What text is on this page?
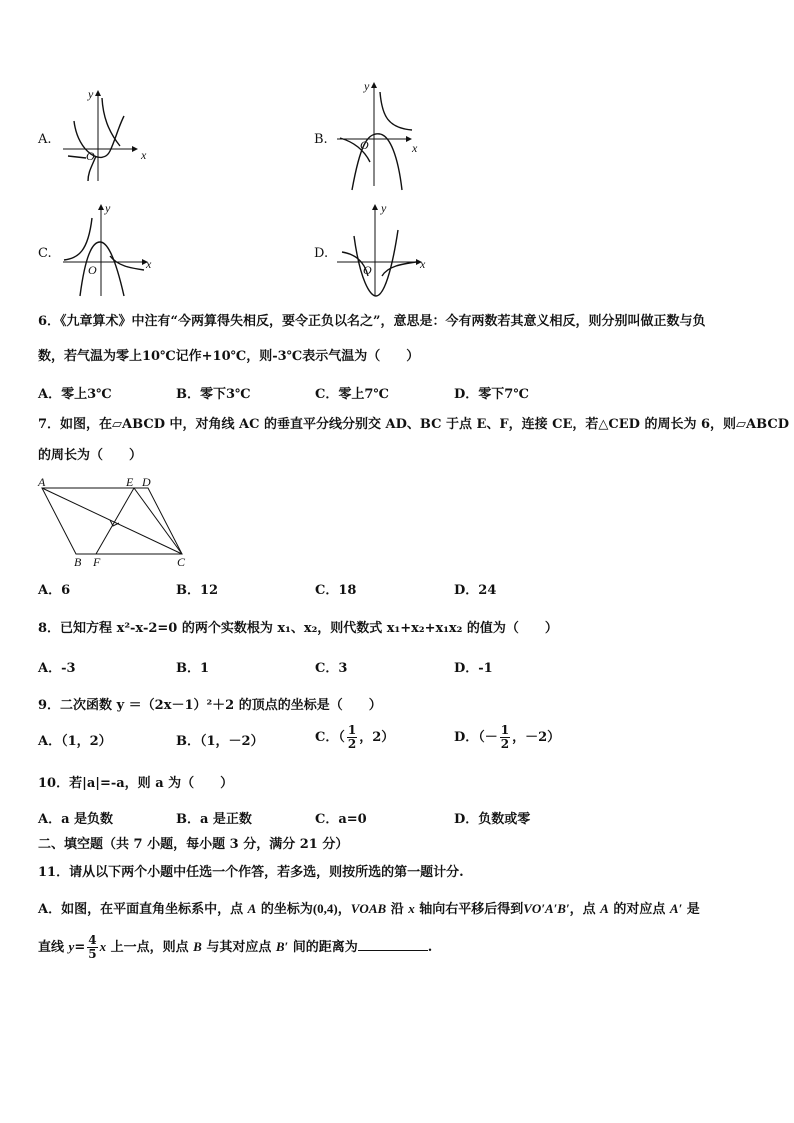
A.
x
y
O
B.
x
y
O
C.
x
y
O
D.
x
y
O
6．《九章算术》中注有“今两算得失相反，要令正负以名之”，意思是：今有两数若其意义相反，则分别叫做正数与负
数，若气温为零上10℃记作+10℃，则-3℃表示气温为（　　）
A．零上3℃	B．零下3℃	C．零上7℃	D．零下7℃
7．如图，在▱ABCD 中，对角线 AC 的垂直平分线分别交 AD、BC 于点 E、F，连接 CE，若△CED 的周长为 6，则▱ABCD
的周长为（　　）
A	E D
B F	C
A．6	B．12	C．18	D．24
8．已知方程 x²-x-2=0 的两个实数根为 x₁、x₂，则代数式 x₁+x₂+x₁x₂ 的值为（　　）
A．-3	B．1	C．3	D．-1
9．二次函数 y ＝（2x－1）²＋2 的顶点的坐标是（　　）
A．（1，2）	B．（1，－2）	C．（ $\frac{1}{2}$ ，2）	D．（－ $\frac{1}{2}$ ，－2）
10．若|a|=-a，则 a 为（　　）
A．a 是负数	B．a 是正数	C．a=0	D．负数或零
二、填空题（共 7 小题，每小题 3 分，满分 21 分）
11．请从以下两个小题中任选一个作答，若多选，则按所选的第一题计分.
A．如图，在平面直角坐标系中，点 A 的坐标为(0,4)，VOAB 沿 x 轴向右平移后得到VO′A′B′，点 A 的对应点 A′ 是
直线 $y= \frac{4}{5}$ x 上一点，则点 B 与其对应点 B′ 间的距离为	.
